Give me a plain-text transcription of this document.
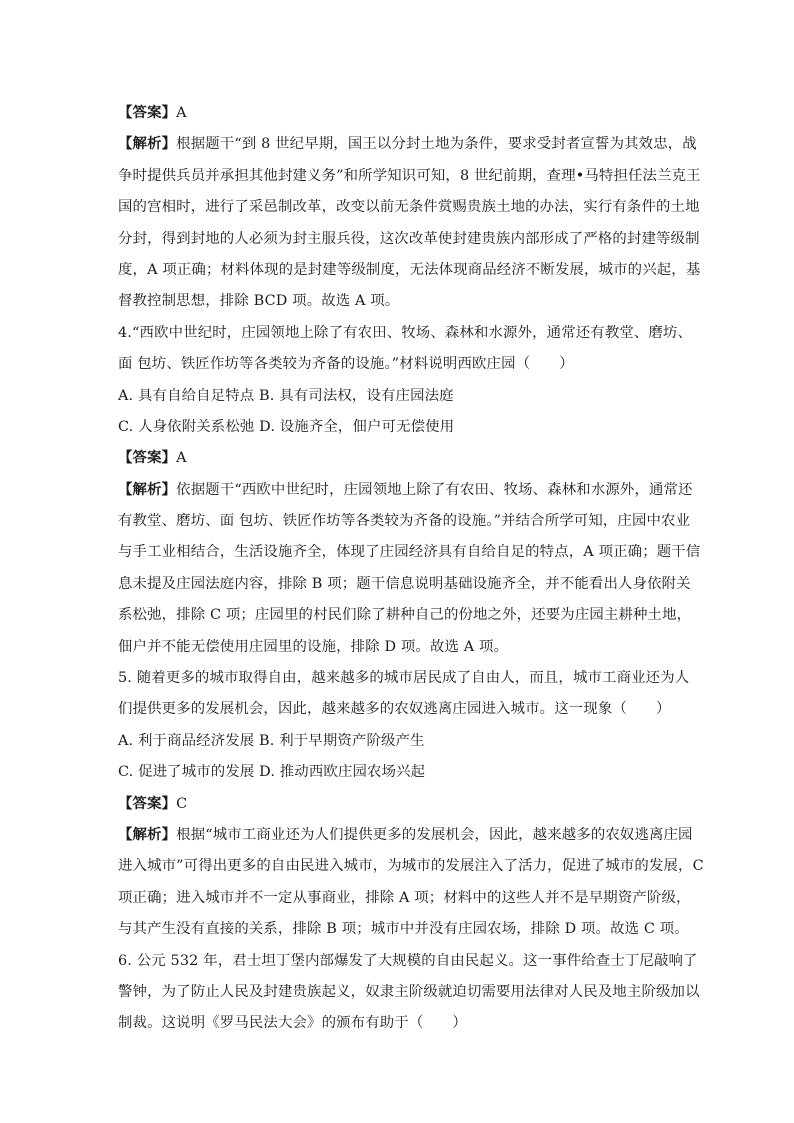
【答案】A
【解析】根据题干“到 8 世纪早期，国王以分封土地为条件，要求受封者宣誓为其效忠，战
争时提供兵员并承担其他封建义务”和所学知识可知，8 世纪前期，查理•马特担任法兰克王
国的宫相时，进行了采邑制改革，改变以前无条件赏赐贵族土地的办法，实行有条件的土地
分封，得到封地的人必须为封主服兵役，这次改革使封建贵族内部形成了严格的封建等级制
度，A 项正确；材料体现的是封建等级制度，无法体现商品经济不断发展，城市的兴起，基
督教控制思想，排除 BCD 项。故选 A 项。
4.“西欧中世纪时，庄园领地上除了有农田、牧场、森林和水源外，通常还有教堂、磨坊、
面 包坊、铁匠作坊等各类较为齐备的设施。”材料说明西欧庄园（　　）
A. 具有自给自足特点 B. 具有司法权，设有庄园法庭
C. 人身依附关系松弛 D. 设施齐全，佃户可无偿使用
【答案】A
【解析】依据题干“西欧中世纪时，庄园领地上除了有农田、牧场、森林和水源外，通常还
有教堂、磨坊、面 包坊、铁匠作坊等各类较为齐备的设施。”并结合所学可知，庄园中农业
与手工业相结合，生活设施齐全，体现了庄园经济具有自给自足的特点，A 项正确；题干信
息未提及庄园法庭内容，排除 B 项；题干信息说明基础设施齐全，并不能看出人身依附关
系松弛，排除 C 项；庄园里的村民们除了耕种自己的份地之外，还要为庄园主耕种土地，
佃户并不能无偿使用庄园里的设施，排除 D 项。故选 A 项。
5. 随着更多的城市取得自由，越来越多的城市居民成了自由人，而且，城市工商业还为人
们提供更多的发展机会，因此，越来越多的农奴逃离庄园进入城市。这一现象（　　）
A. 利于商品经济发展 B. 利于早期资产阶级产生
C. 促进了城市的发展 D. 推动西欧庄园农场兴起
【答案】C
【解析】根据“城市工商业还为人们提供更多的发展机会，因此，越来越多的农奴逃离庄园
进入城市”可得出更多的自由民进入城市，为城市的发展注入了活力，促进了城市的发展，C
项正确；进入城市并不一定从事商业，排除 A 项；材料中的这些人并不是早期资产阶级，
与其产生没有直接的关系，排除 B 项；城市中并没有庄园农场，排除 D 项。故选 C 项。
6. 公元 532 年，君士坦丁堡内部爆发了大规模的自由民起义。这一事件给查士丁尼敲响了
警钟，为了防止人民及封建贵族起义，奴隶主阶级就迫切需要用法律对人民及地主阶级加以
制裁。这说明《罗马民法大会》的颁布有助于（　　）
